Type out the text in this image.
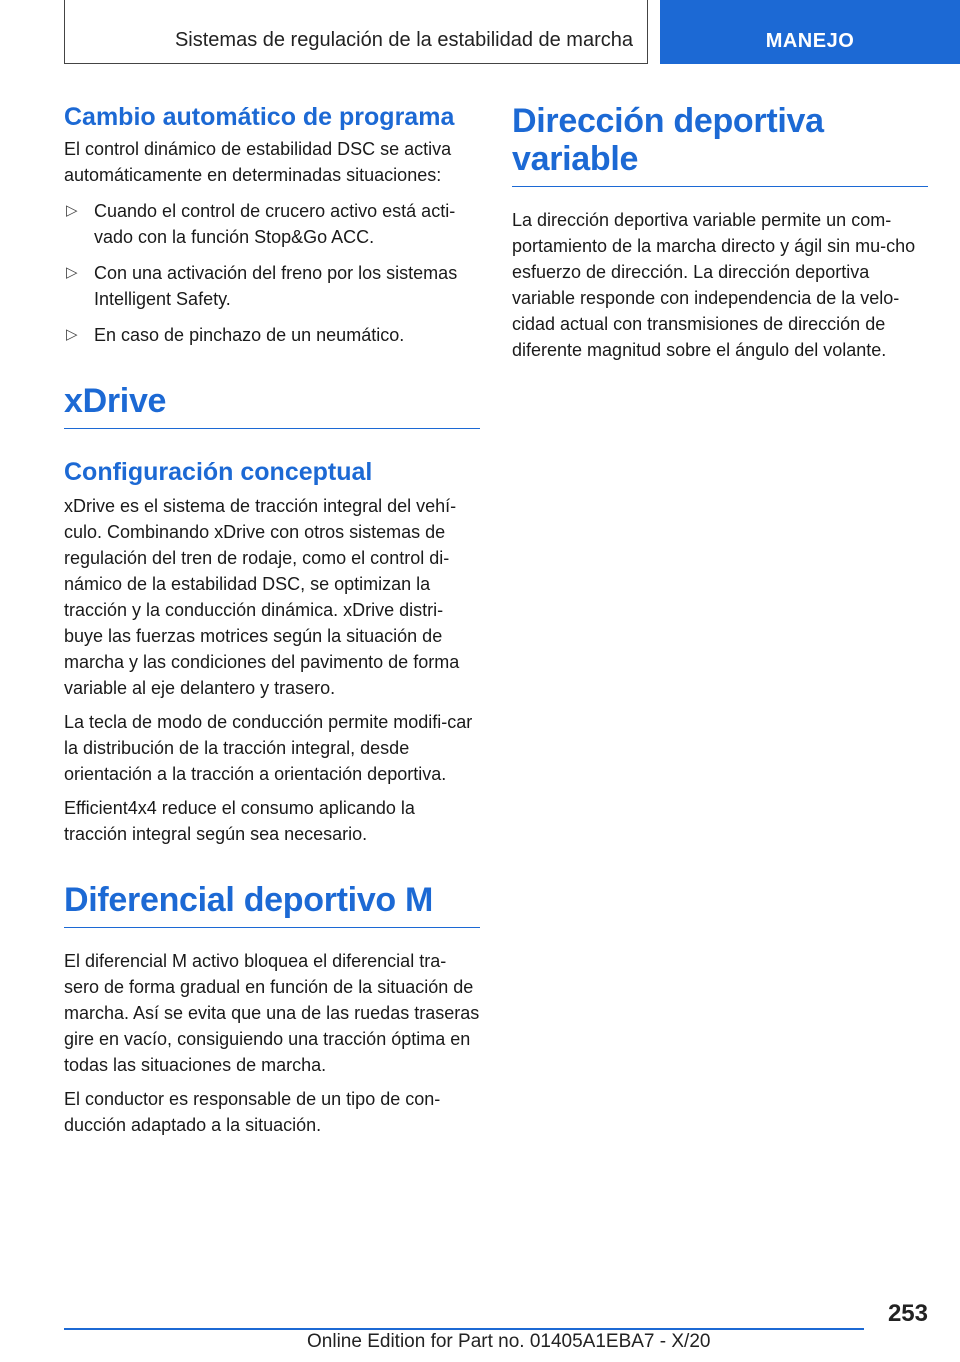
Sistemas de regulación de la estabilidad de marcha	MANEJO
Cambio automático de programa

El control dinámico de estabilidad DSC se activa automáticamente en determinadas situaciones:

▷ Cuando el control de crucero activo está acti-vado con la función Stop&Go ACC.
▷ Con una activación del freno por los sistemas Intelligent Safety.
▷ En caso de pinchazo de un neumático.
xDrive
Configuración conceptual

xDrive es el sistema de tracción integral del vehí-culo. Combinando xDrive con otros sistemas de regulación del tren de rodaje, como el control di-námico de la estabilidad DSC, se optimizan la tracción y la conducción dinámica. xDrive distri-buye las fuerzas motrices según la situación de marcha y las condiciones del pavimento de forma variable al eje delantero y trasero.

La tecla de modo de conducción permite modifi-car la distribución de la tracción integral, desde orientación a la tracción a orientación deportiva.

Efficient4x4 reduce el consumo aplicando la tracción integral según sea necesario.

Diferencial deportivo M

El diferencial M activo bloquea el diferencial tra-sero de forma gradual en función de la situación de marcha. Así se evita que una de las ruedas traseras gire en vacío, consiguiendo una tracción óptima en todas las situaciones de marcha.

El conductor es responsable de un tipo de con-ducción adaptado a la situación.

Dirección deportiva variable

La dirección deportiva variable permite un com-portamiento de la marcha directo y ágil sin mu-cho esfuerzo de dirección. La dirección deportiva variable responde con independencia de la velo-cidad actual con transmisiones de dirección de diferente magnitud sobre el ángulo del volante.

253
Online Edition for Part no. 01405A1EBA7 - X/20
